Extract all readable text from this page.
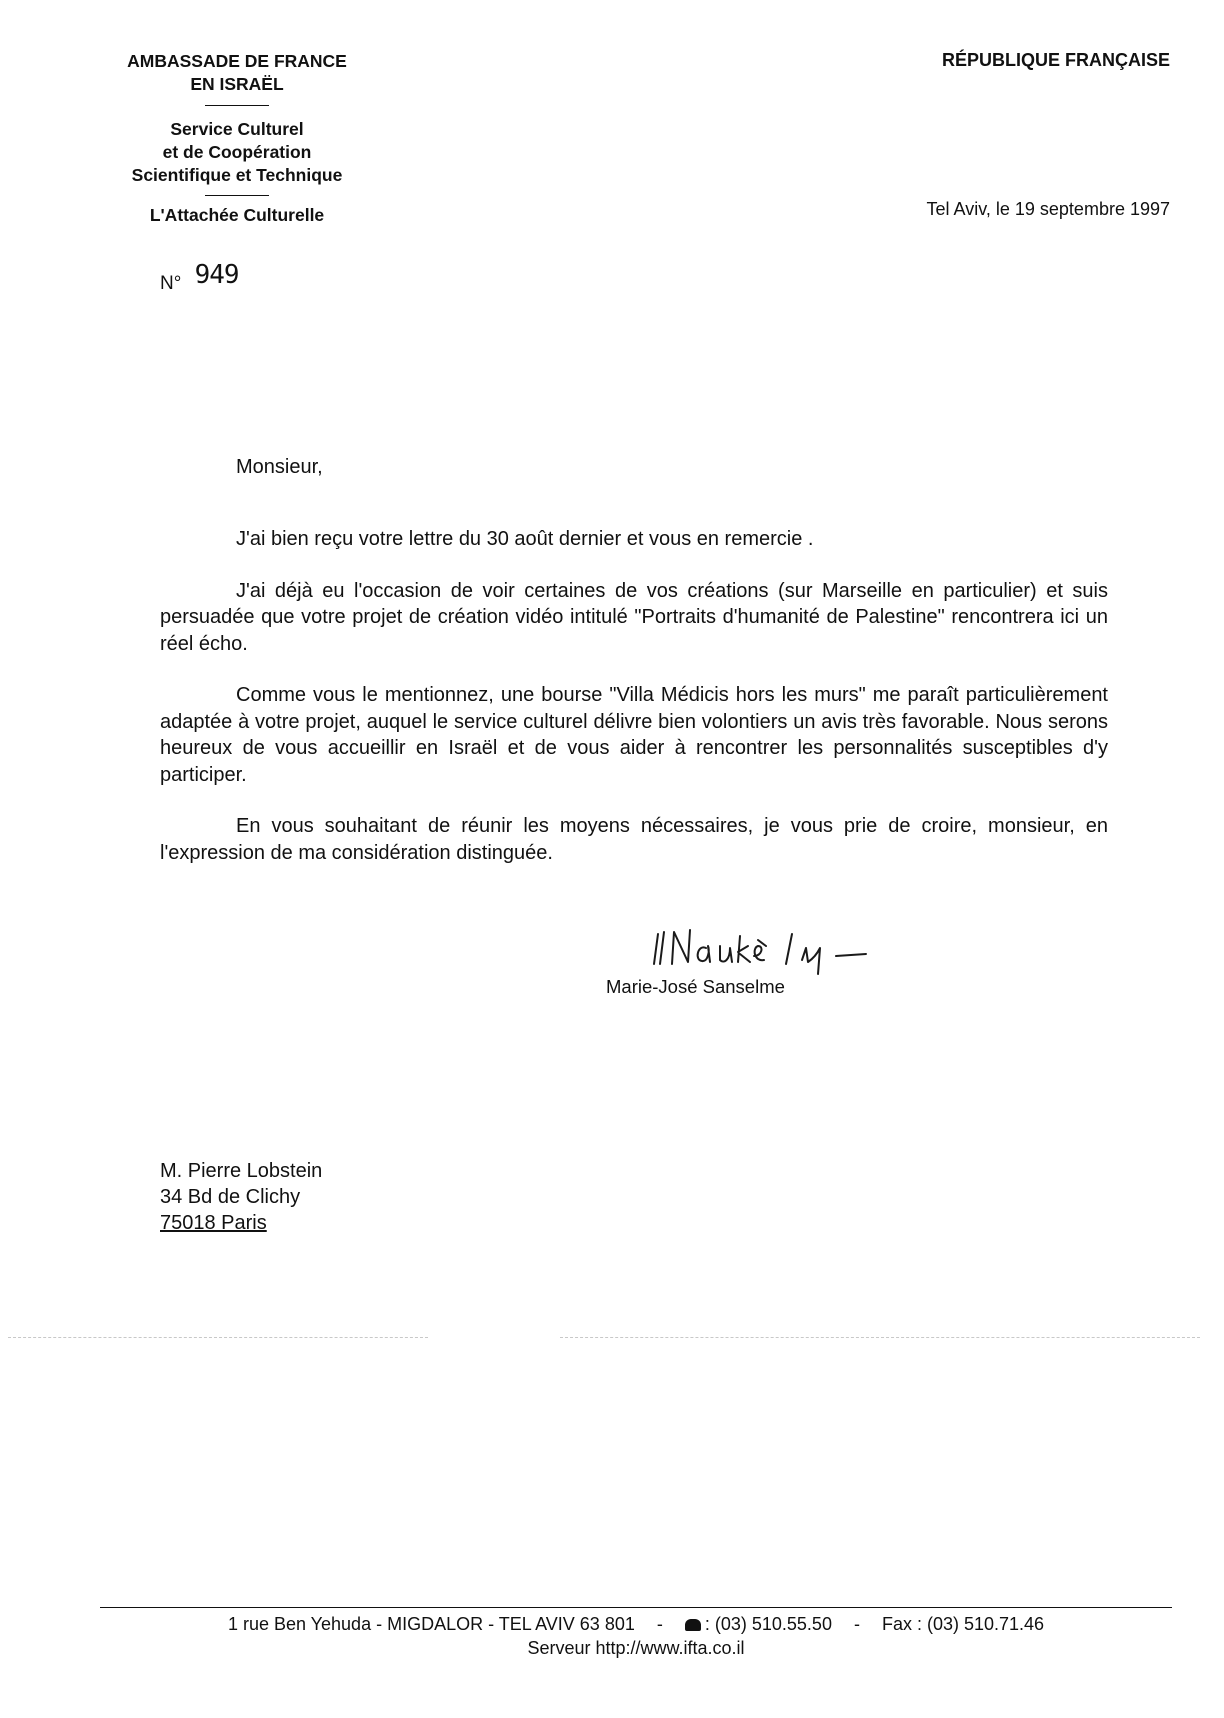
AMBASSADE DE FRANCE
EN ISRAËL
Service Culturel
et de Coopération
Scientifique et Technique
L'Attachée Culturelle
RÉPUBLIQUE FRANÇAISE
Tel Aviv, le 19 septembre 1997
N° 949
Monsieur,

J'ai bien reçu votre lettre du 30 août dernier et vous en remercie .

J'ai déjà eu l'occasion de voir certaines de vos créations (sur Marseille en particulier) et suis persuadée que votre projet de création vidéo intitulé "Portraits d'humanité de Palestine" rencontrera ici un réel écho.

Comme vous le mentionnez, une bourse "Villa Médicis hors les murs" me paraît particulièrement adaptée à votre projet, auquel le service culturel délivre bien volontiers un avis très favorable. Nous serons heureux de vous accueillir en Israël et de vous aider à rencontrer les personnalités susceptibles d'y participer.

En vous souhaitant de réunir les moyens nécessaires, je vous prie de croire, monsieur, en l'expression de ma considération distinguée.

Marie-José Sanselme
M. Pierre Lobstein
34 Bd de Clichy
75018 Paris
1 rue Ben Yehuda - MIGDALOR - TEL AVIV 63 801 - : (03) 510.55.50 - Fax : (03) 510.71.46
Serveur http://www.ifta.co.il
